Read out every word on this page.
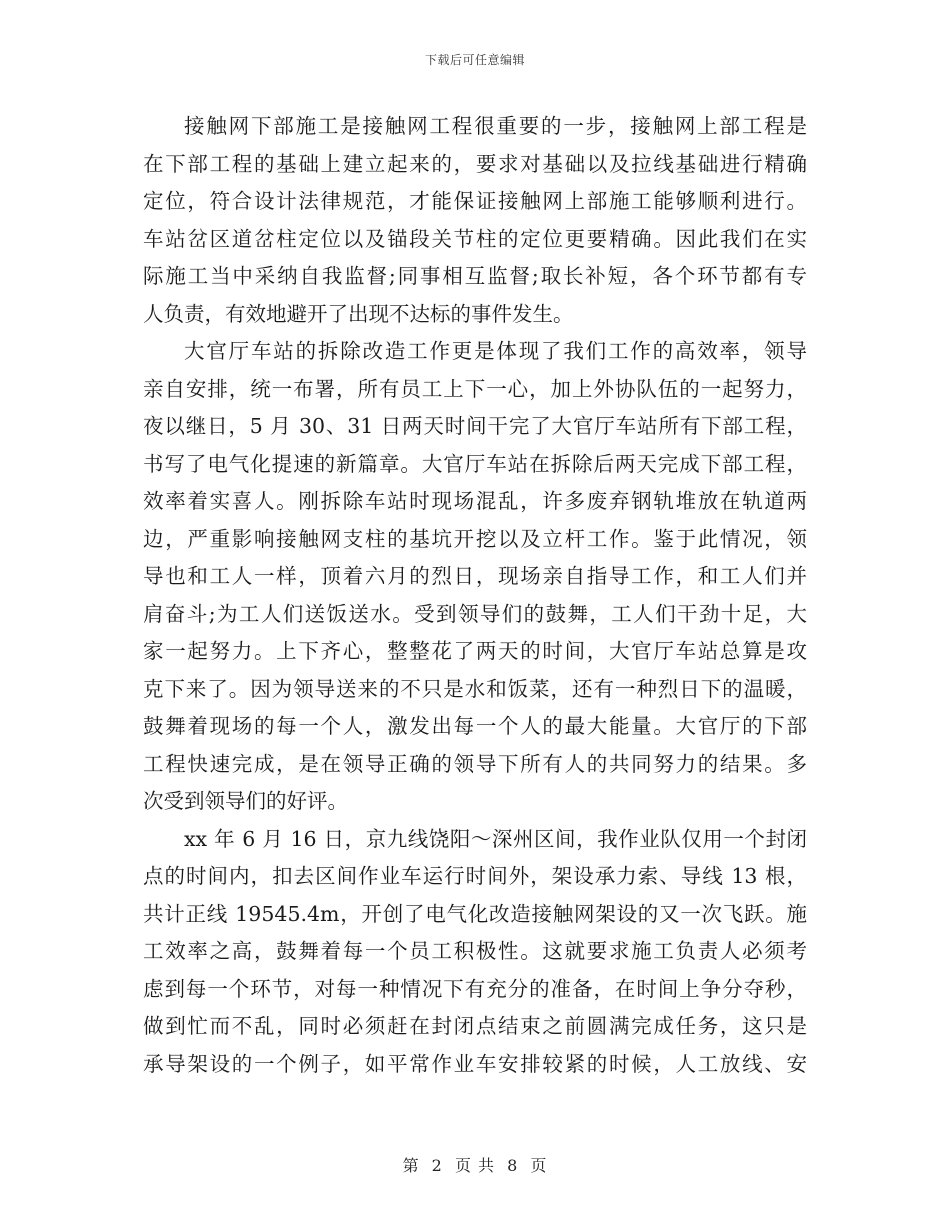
下载后可任意编辑
接触网下部施工是接触网工程很重要的一步，接触网上部工程是
在下部工程的基础上建立起来的，要求对基础以及拉线基础进行精确
定位，符合设计法律规范，才能保证接触网上部施工能够顺利进行。
车站岔区道岔柱定位以及锚段关节柱的定位更要精确。因此我们在实
际施工当中采纳自我监督;同事相互监督;取长补短，各个环节都有专
人负责，有效地避开了出现不达标的事件发生。
大官厅车站的拆除改造工作更是体现了我们工作的高效率，领导
亲自安排，统一布署，所有员工上下一心，加上外协队伍的一起努力，
夜以继日，5 月 30、31 日两天时间干完了大官厅车站所有下部工程，
书写了电气化提速的新篇章。大官厅车站在拆除后两天完成下部工程，
效率着实喜人。刚拆除车站时现场混乱，许多废弃钢轨堆放在轨道两
边，严重影响接触网支柱的基坑开挖以及立杆工作。鉴于此情况，领
导也和工人一样，顶着六月的烈日，现场亲自指导工作，和工人们并
肩奋斗;为工人们送饭送水。受到领导们的鼓舞，工人们干劲十足，大
家一起努力。上下齐心，整整花了两天的时间，大官厅车站总算是攻
克下来了。因为领导送来的不只是水和饭菜，还有一种烈日下的温暖，
鼓舞着现场的每一个人，激发出每一个人的最大能量。大官厅的下部
工程快速完成，是在领导正确的领导下所有人的共同努力的结果。多
次受到领导们的好评。
xx 年 6 月 16 日，京九线饶阳～深州区间，我作业队仅用一个封闭
点的时间内，扣去区间作业车运行时间外，架设承力索、导线 13 根，
共计正线 19545.4m，开创了电气化改造接触网架设的又一次飞跃。施
工效率之高，鼓舞着每一个员工积极性。这就要求施工负责人必须考
虑到每一个环节，对每一种情况下有充分的准备，在时间上争分夺秒，
做到忙而不乱，同时必须赶在封闭点结束之前圆满完成任务，这只是
承导架设的一个例子，如平常作业车安排较紧的时候，人工放线、安
第 2 页 共 8 页
